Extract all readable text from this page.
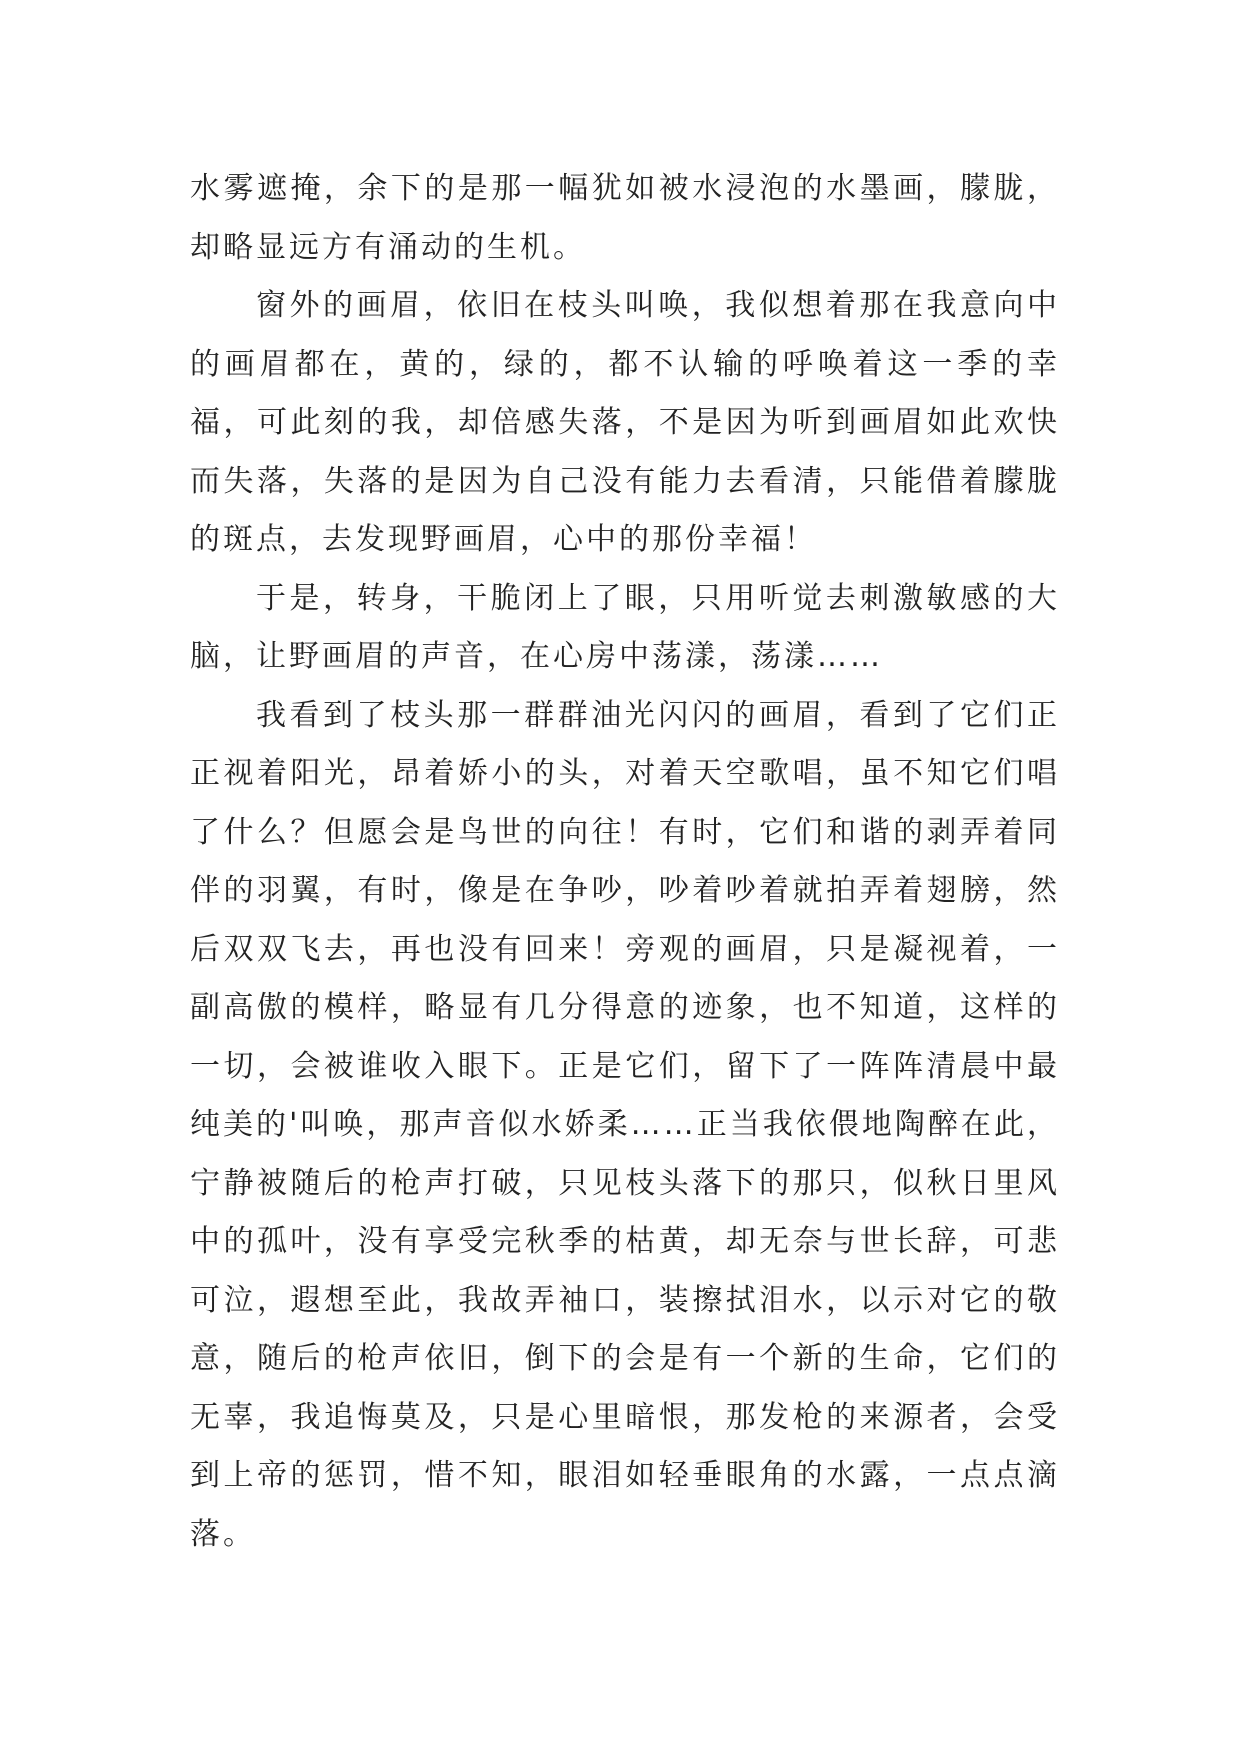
水雾遮掩，余下的是那一幅犹如被水浸泡的水墨画，朦胧，却略显远方有涌动的生机。

窗外的画眉，依旧在枝头叫唤，我似想着那在我意向中的画眉都在，黄的，绿的，都不认输的呼唤着这一季的幸福，可此刻的我，却倍感失落，不是因为听到画眉如此欢快而失落，失落的是因为自己没有能力去看清，只能借着朦胧的斑点，去发现野画眉，心中的那份幸福！

于是，转身，干脆闭上了眼，只用听觉去刺激敏感的大脑，让野画眉的声音，在心房中荡漾，荡漾……

我看到了枝头那一群群油光闪闪的画眉，看到了它们正正视着阳光，昂着娇小的头，对着天空歌唱，虽不知它们唱了什么？但愿会是鸟世的向往！有时，它们和谐的剥弄着同伴的羽翼，有时，像是在争吵，吵着吵着就拍弄着翅膀，然后双双飞去，再也没有回来！旁观的画眉，只是凝视着，一副高傲的模样，略显有几分得意的迹象，也不知道，这样的一切，会被谁收入眼下。正是它们，留下了一阵阵清晨中最纯美的'叫唤，那声音似水娇柔……正当我依偎地陶醉在此，宁静被随后的枪声打破，只见枝头落下的那只，似秋日里风中的孤叶，没有享受完秋季的枯黄，却无奈与世长辞，可悲可泣，遐想至此，我故弄袖口，装擦拭泪水，以示对它的敬意，随后的枪声依旧，倒下的会是有一个新的生命，它们的无辜，我追悔莫及，只是心里暗恨，那发枪的来源者，会受到上帝的惩罚，惜不知，眼泪如轻垂眼角的水露，一点点滴落。
